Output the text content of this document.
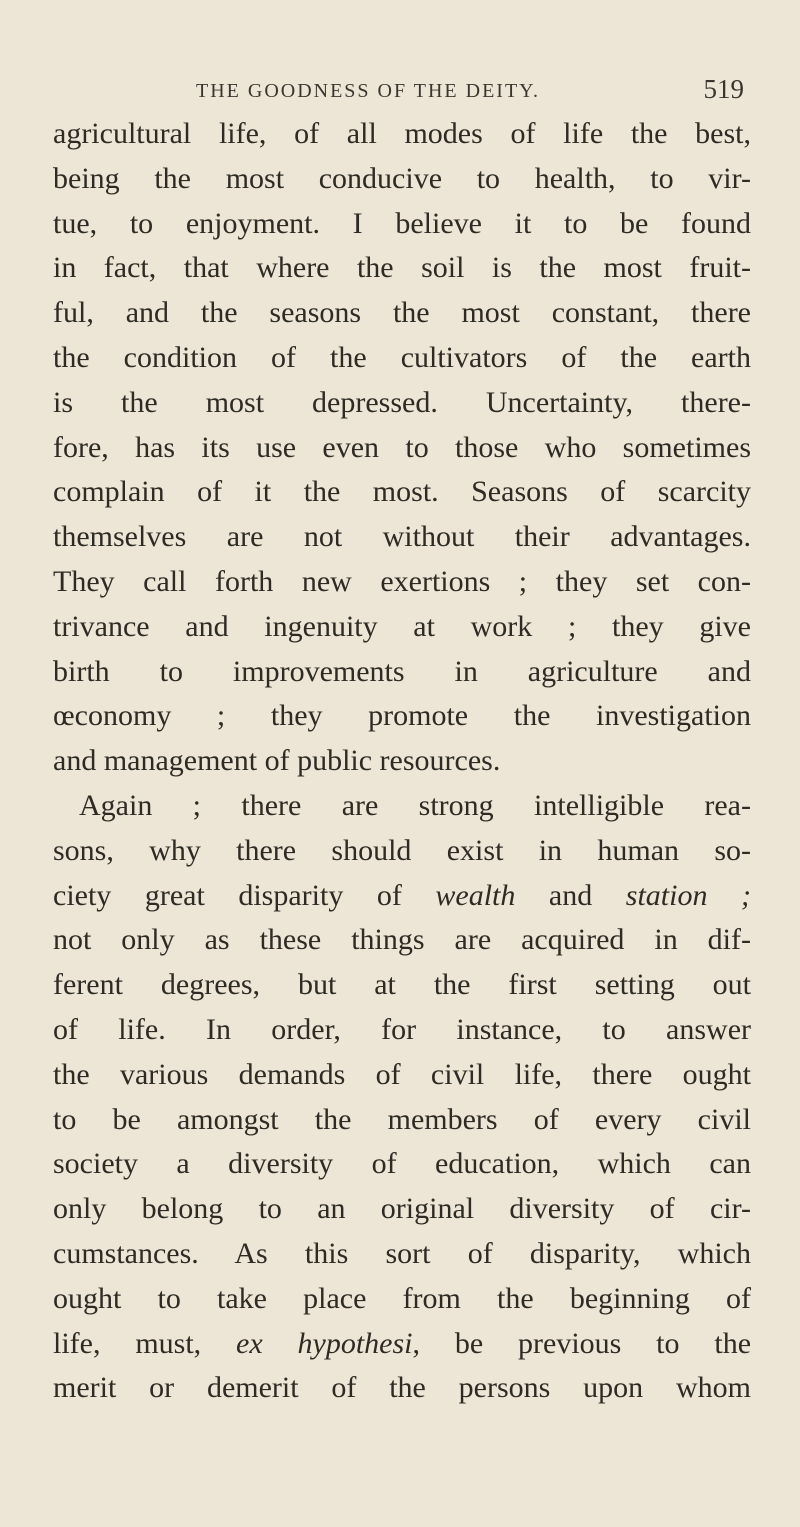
THE GOODNESS OF THE DEITY.	519
agricultural life, of all modes of life the best,
being the most conducive to health, to vir-
tue, to enjoyment. I believe it to be found
in fact, that where the soil is the most fruit-
ful, and the seasons the most constant, there
the condition of the cultivators of the earth
is the most depressed. Uncertainty, there-
fore, has its use even to those who sometimes
complain of it the most. Seasons of scarcity
themselves are not without their advantages.
They call forth new exertions ; they set con-
trivance and ingenuity at work ; they give
birth to improvements in agriculture and
œconomy ; they promote the investigation
and management of public resources.
Again ; there are strong intelligible rea-
sons, why there should exist in human so-
ciety great disparity of wealth and station ;
not only as these things are acquired in dif-
ferent degrees, but at the first setting out
of life. In order, for instance, to answer
the various demands of civil life, there ought
to be amongst the members of every civil
society a diversity of education, which can
only belong to an original diversity of cir-
cumstances. As this sort of disparity, which
ought to take place from the beginning of
life, must, ex hypothesi, be previous to the
merit or demerit of the persons upon whom
